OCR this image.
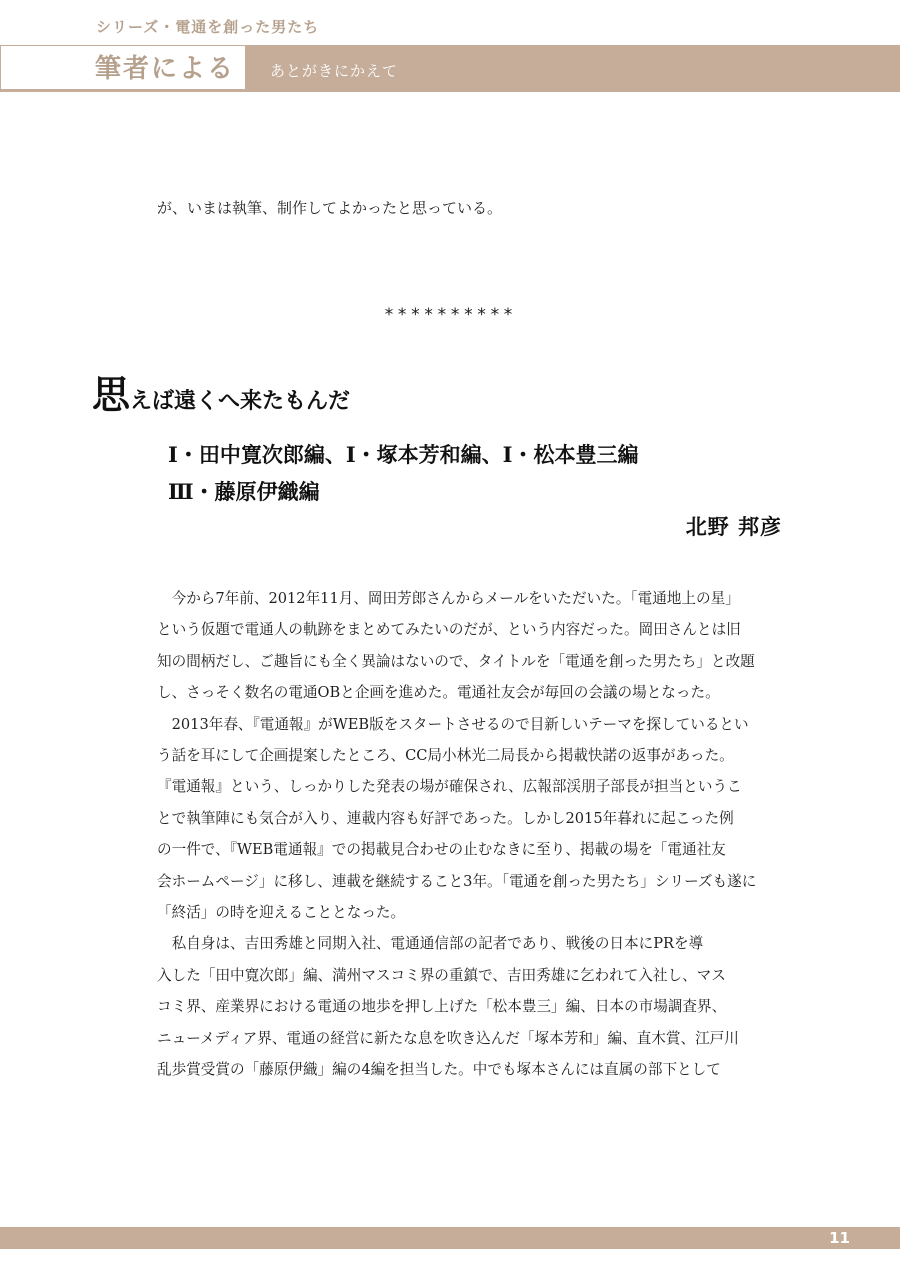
シリーズ・電通を創った男たち
筆者による あとがきにかえて
が、いまは執筆、制作してよかったと思っている。
**********
思えば遠くへ来たもんだ
Ⅰ・田中寛次郎編、Ⅰ・塚本芳和編、Ⅰ・松本豊三編
Ⅲ・藤原伊織編
北野 邦彦

　今から7年前、2012年11月、岡田芳郎さんからメールをいただいた。「電通地上の星」

という仮題で電通人の軌跡をまとめてみたいのだが、という内容だった。岡田さんとは旧

知の間柄だし、ご趣旨にも全く異論はないので、タイトルを「電通を創った男たち」と改題

し、さっそく数名の電通OBと企画を進めた。電通社友会が毎回の会議の場となった。

　2013年春、『電通報』がWEB版をスタートさせるので目新しいテーマを探しているとい

う話を耳にして企画提案したところ、CC局小林光二局長から掲載快諾の返事があった。

『電通報』という、しっかりした発表の場が確保され、広報部渓朋子部長が担当というこ

とで執筆陣にも気合が入り、連載内容も好評であった。しかし2015年暮れに起こった例

の一件で、『WEB電通報』での掲載見合わせの止むなきに至り、掲載の場を「電通社友

会ホームページ」に移し、連載を継続すること3年。「電通を創った男たち」シリーズも遂に

「終活」の時を迎えることとなった。

　私自身は、吉田秀雄と同期入社、電通通信部の記者であり、戦後の日本にPRを導

入した「田中寛次郎」編、満州マスコミ界の重鎮で、吉田秀雄に乞われて入社し、マス

コミ界、産業界における電通の地歩を押し上げた「松本豊三」編、日本の市場調査界、

ニューメディア界、電通の経営に新たな息を吹き込んだ「塚本芳和」編、直木賞、江戸川

乱歩賞受賞の「藤原伊織」編の4編を担当した。中でも塚本さんには直属の部下として

11
